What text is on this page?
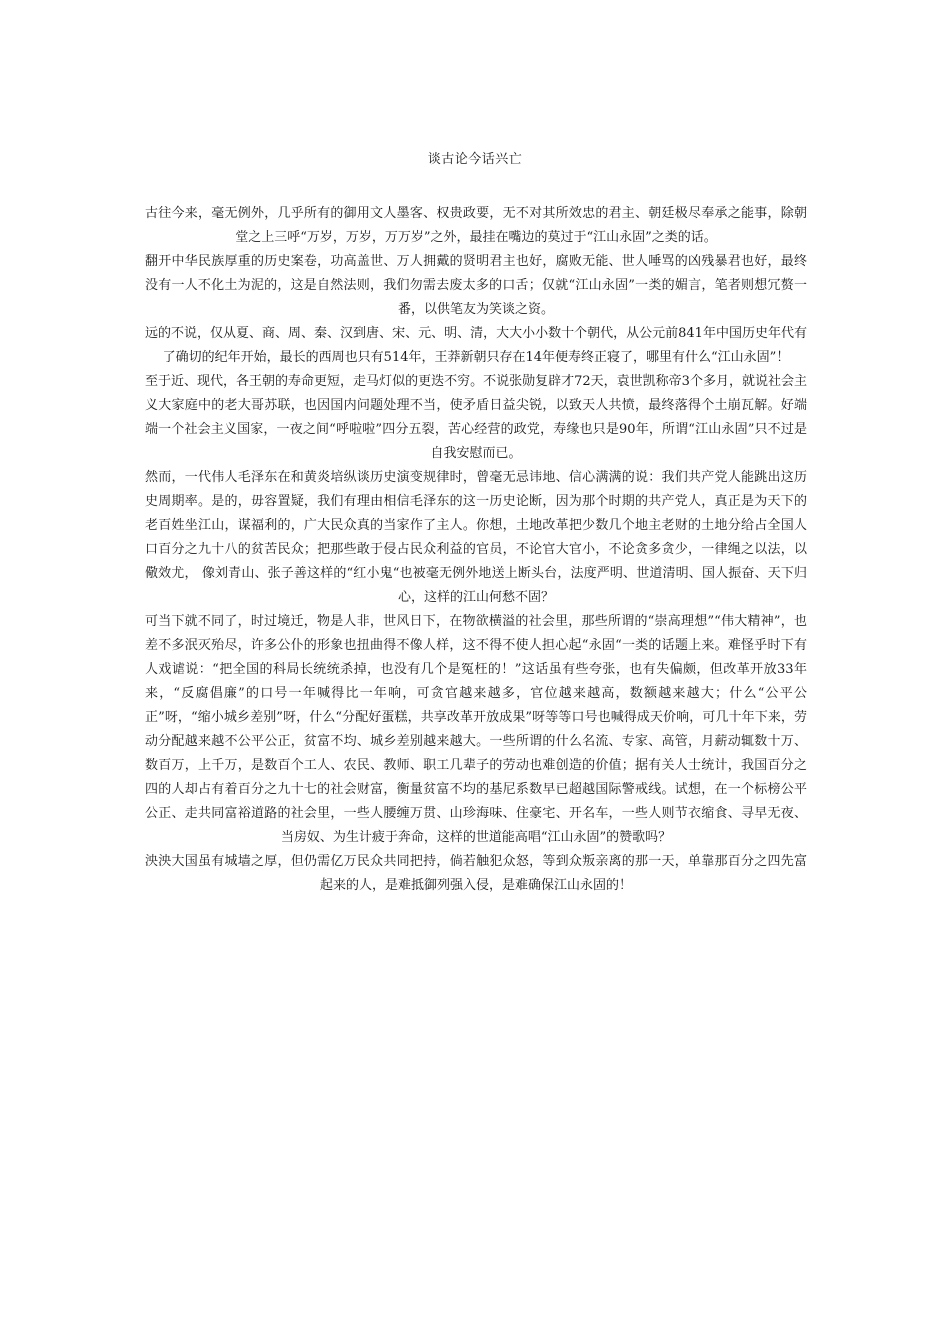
谈古论今话兴亡

古往今来，毫无例外，几乎所有的御用文人墨客、权贵政要，无不对其所效忠的君主、朝廷极尽奉承之能事，除朝堂之上三呼“万岁，万岁，万万岁”之外，最挂在嘴边的莫过于“江山永固”之类的话。

翻开中华民族厚重的历史案卷，功高盖世、万人拥戴的贤明君主也好，腐败无能、世人唾骂的凶残暴君也好，最终没有一人不化土为泥的，这是自然法则，我们勿需去废太多的口舌；仅就“江山永固”一类的媚言，笔者则想冗赘一番，以供笔友为笑谈之资。

远的不说，仅从夏、商、周、秦、汉到唐、宋、元、明、清，大大小小数十个朝代，从公元前841年中国历史年代有了确切的纪年开始，最长的西周也只有514年，王莽新朝只存在14年便寿终正寝了，哪里有什么“江山永固”！

至于近、现代，各王朝的寿命更短，走马灯似的更迭不穷。不说张勋复辟才72天，袁世凯称帝3个多月，就说社会主义大家庭中的老大哥苏联，也因国内问题处理不当，使矛盾日益尖锐，以致天人共愤，最终落得个土崩瓦解。好端端一个社会主义国家，一夜之间“呼啦啦”四分五裂，苦心经营的政党，寿缘也只是90年，所谓“江山永固”只不过是自我安慰而已。

然而，一代伟人毛泽东在和黄炎培纵谈历史演变规律时，曾毫无忌讳地、信心满满的说：我们共产党人能跳出这历史周期率。是的，毋容置疑，我们有理由相信毛泽东的这一历史论断，因为那个时期的共产党人，真正是为天下的老百姓坐江山，谋福利的，广大民众真的当家作了主人。你想，土地改革把少数几个地主老财的土地分给占全国人口百分之九十八的贫苦民众；把那些敢于侵占民众利益的官员，不论官大官小，不论贪多贪少，一律绳之以法，以儆效尤， 像刘青山、张子善这样的“红小鬼“也被毫无例外地送上断头台，法度严明、世道清明、国人振奋、天下归心，这样的江山何愁不固？

可当下就不同了，时过境迁，物是人非，世风日下，在物欲横溢的社会里，那些所谓的“崇高理想”“伟大精神”，也差不多泯灭殆尽，许多公仆的形象也扭曲得不像人样，这不得不使人担心起“永固“一类的话题上来。难怪乎时下有人戏谑说：“把全国的科局长统统杀掉，也没有几个是冤枉的！”这话虽有些夸张，也有失偏颇，但改革开放33年来，“反腐倡廉”的口号一年喊得比一年响，可贪官越来越多，官位越来越高，数额越来越大；什么“公平公正”呀，“缩小城乡差别”呀，什么“分配好蛋糕，共享改革开放成果”呀等等口号也喊得成天价响，可几十年下来，劳动分配越来越不公平公正，贫富不均、城乡差别越来越大。一些所谓的什么名流、专家、高管，月薪动辄数十万、数百万，上千万，是数百个工人、农民、教师、职工几辈子的劳动也难创造的价值；据有关人士统计，我国百分之四的人却占有着百分之九十七的社会财富，衡量贫富不均的基尼系数早已超越国际警戒线。试想，在一个标榜公平公正、走共同富裕道路的社会里，一些人腰缠万贯、山珍海味、住豪宅、开名车，一些人则节衣缩食、寻早无夜、当房奴、为生计疲于奔命，这样的世道能高唱“江山永固”的赞歌吗？

泱泱大国虽有城墙之厚，但仍需亿万民众共同把持，倘若触犯众怒，等到众叛亲离的那一天，单靠那百分之四先富起来的人，是难抵御列强入侵，是难确保江山永固的！
